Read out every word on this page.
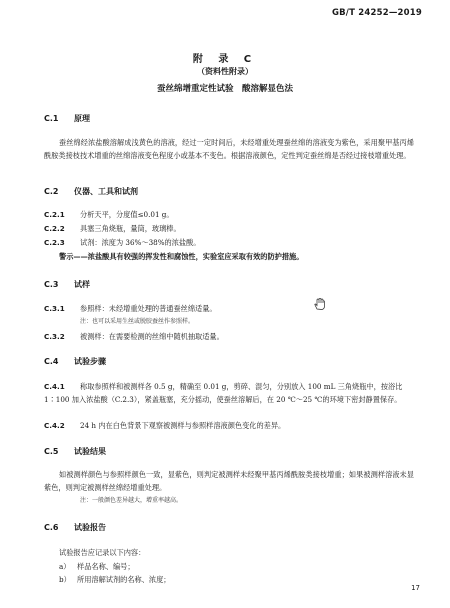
GB/T 24252—2019
附 录 C
（资料性附录）
蚕丝绵增重定性试验　酸溶解显色法
C.1 原理
蚕丝绵经浓盐酸溶解成浅黄色的溶液，经过一定时间后，未经增重处理蚕丝绵的溶液变为紫色，采用聚甲基丙烯酰胺类接枝技术增重的丝绵溶液变色程度小或基本不变色。根据溶液颜色，定性判定蚕丝绵是否经过接枝增重处理。
C.2 仪器、工具和试剂
C.2.1 分析天平，分度值≤0.01 g。
C.2.2 具塞三角烧瓶，量筒，玻璃棒。
C.2.3 试剂：浓度为 36%～38%的浓盐酸。
警示——浓盐酸具有较强的挥发性和腐蚀性，实验室应采取有效的防护措施。
C.3 试样
C.3.1 参照样：未经增重处理的普通蚕丝绵适量。
注：也可以采用生丝或脱胶蚕丝作参照样。
C.3.2 被测样：在需要检测的丝绵中随机抽取适量。
C.4 试验步骤
C.4.1 称取参照样和被测样各 0.5 g，精确至 0.01 g，剪碎、混匀，分别放入 100 mL 三角烧瓶中，按浴比 1∶100 加入浓盐酸（C.2.3），紧盖瓶塞，充分摇动，使蚕丝溶解后，在 20 ℃～25 ℃的环境下密封静置保存。
C.4.2 24 h 内在白色背景下观察被测样与参照样溶液颜色变化的差异。
C.5 试验结果
如被测样颜色与参照样颜色一致，显紫色，则判定被测样未经聚甲基丙烯酰胺类接枝增重；如果被测样溶液未显紫色，则判定被测样丝绵经增重处理。
注：一般颜色差异越大，增重率越高。
C.6 试验报告
试验报告应记录以下内容：
a） 样品名称、编号；
b） 所用溶解试剂的名称、浓度；
17
